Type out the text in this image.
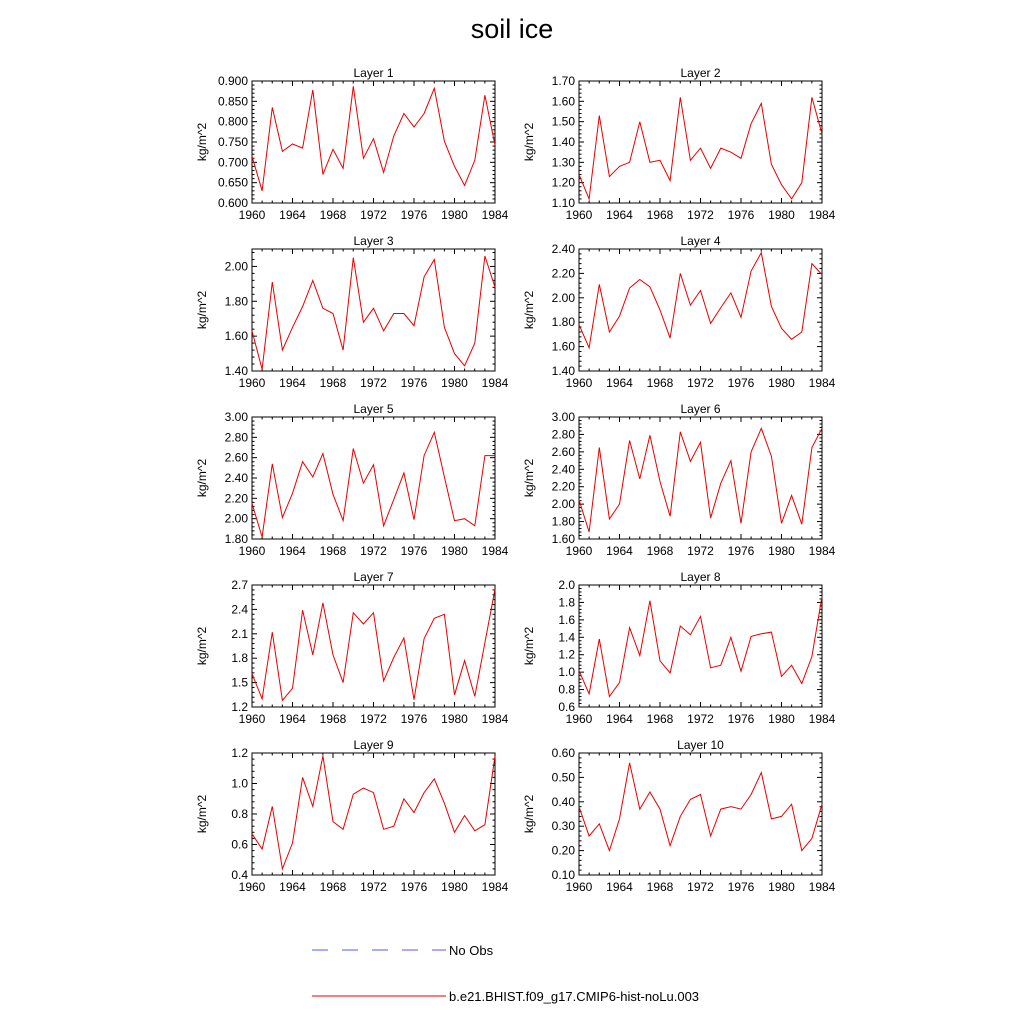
soil ice
Layer 1
kg/m^2
1960 1964 1968 1972 1976 1980 1984
0.600
0.650
0.700
0.750
0.800
0.850
0.900
Layer 2
kg/m^2
1960 1964 1968 1972 1976 1980 1984
1.10
1.20
1.30
1.40
1.50
1.60
1.70
Layer 3
kg/m^2
1960 1964 1968 1972 1976 1980 1984
1.40
1.60
1.80
2.00
Layer 4
kg/m^2
1960 1964 1968 1972 1976 1980 1984
1.40
1.60
1.80
2.00
2.20
2.40
Layer 5
kg/m^2
1960 1964 1968 1972 1976 1980 1984
1.80
2.00
2.20
2.40
2.60
2.80
3.00
Layer 6
kg/m^2
1960 1964 1968 1972 1976 1980 1984
1.60
1.80
2.00
2.20
2.40
2.60
2.80
3.00
Layer 7
kg/m^2
1960 1964 1968 1972 1976 1980 1984
1.2
1.5
1.8
2.1
2.4
2.7
Layer 8
kg/m^2
1960 1964 1968 1972 1976 1980 1984
0.6
0.8
1.0
1.2
1.4
1.6
1.8
2.0
Layer 9
kg/m^2
1960 1964 1968 1972 1976 1980 1984
0.4
0.6
0.8
1.0
1.2
Layer 10
kg/m^2
1960 1964 1968 1972 1976 1980 1984
0.10
0.20
0.30
0.40
0.50
0.60
No Obs
b.e21.BHIST.f09_g17.CMIP6-hist-noLu.003
